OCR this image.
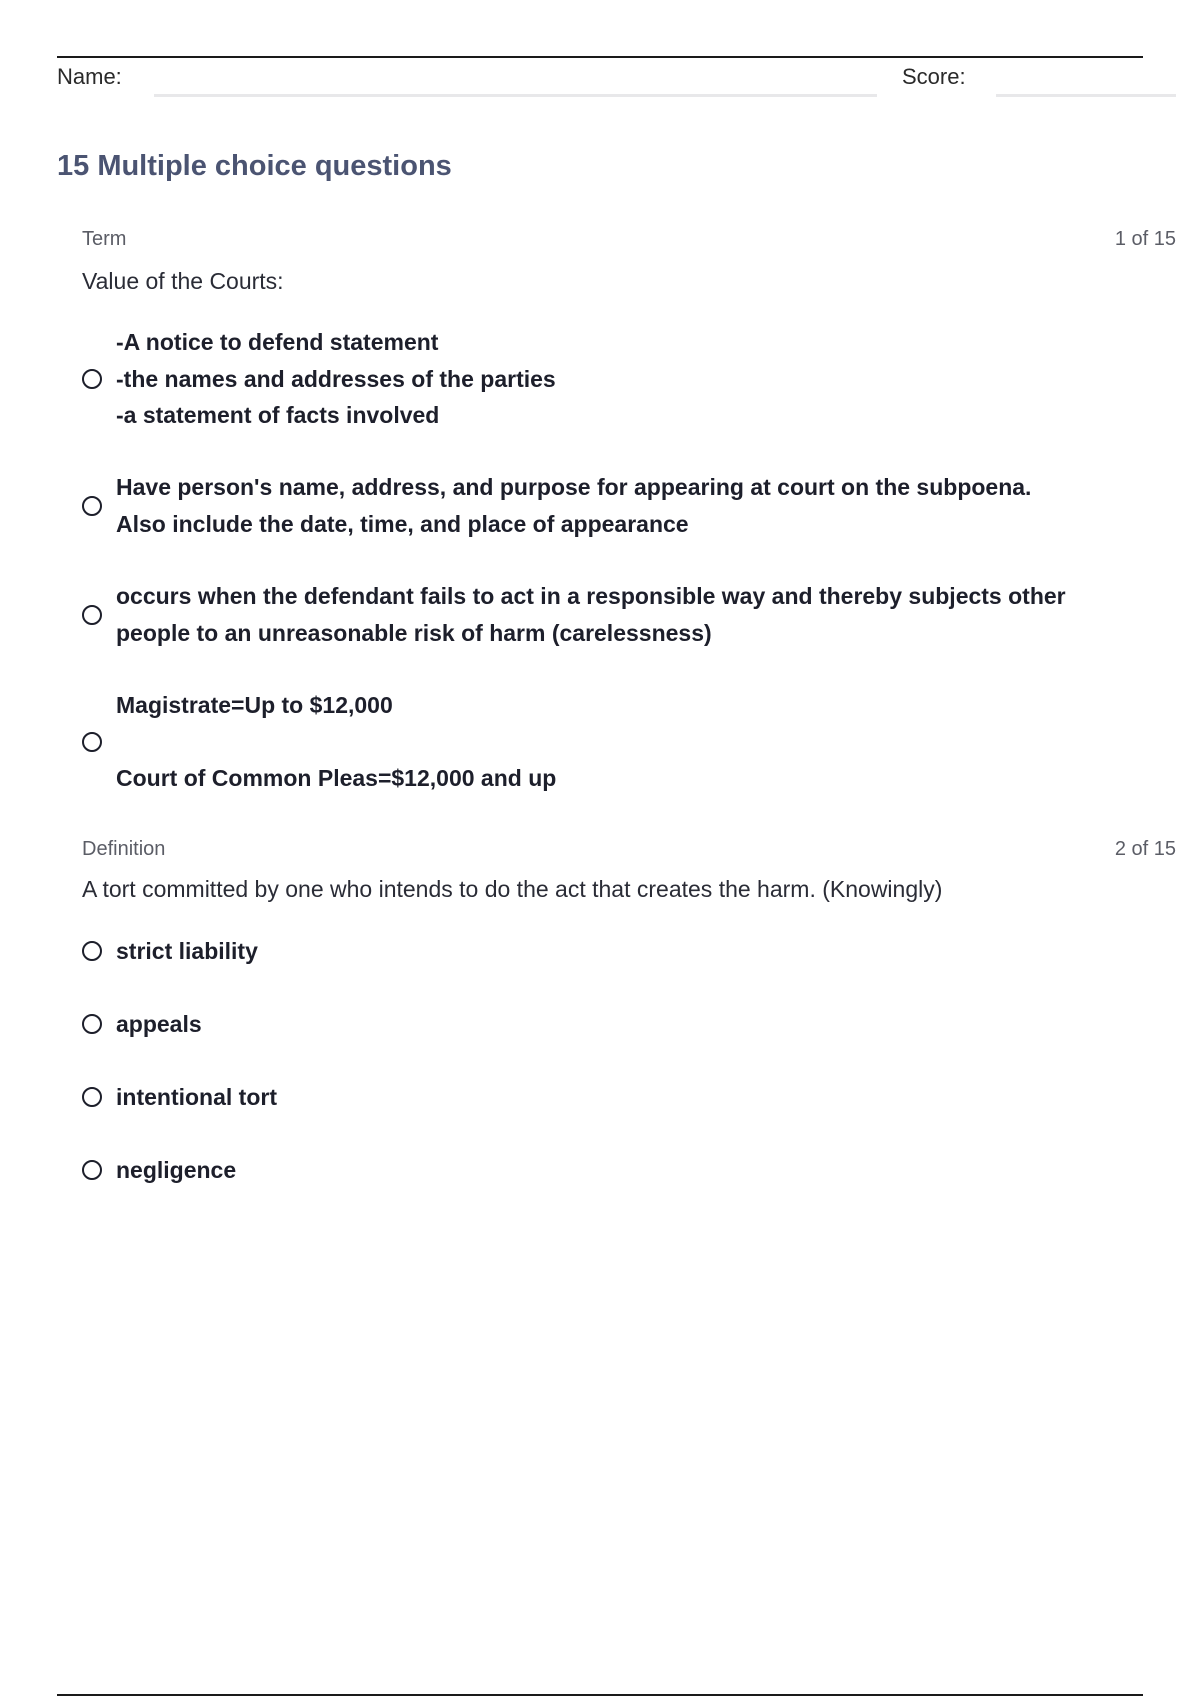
Name:	Score:
15 Multiple choice questions
Term	1 of 15
Value of the Courts:
-A notice to defend statement
-the names and addresses of the parties
-a statement of facts involved
Have person's name, address, and purpose for appearing at court on the subpoena.
Also include the date, time, and place of appearance
occurs when the defendant fails to act in a responsible way and thereby subjects other
people to an unreasonable risk of harm (carelessness)
Magistrate=Up to $12,000
Court of Common Pleas=$12,000 and up
Definition	2 of 15
A tort committed by one who intends to do the act that creates the harm. (Knowingly)
strict liability
appeals
intentional tort
negligence
